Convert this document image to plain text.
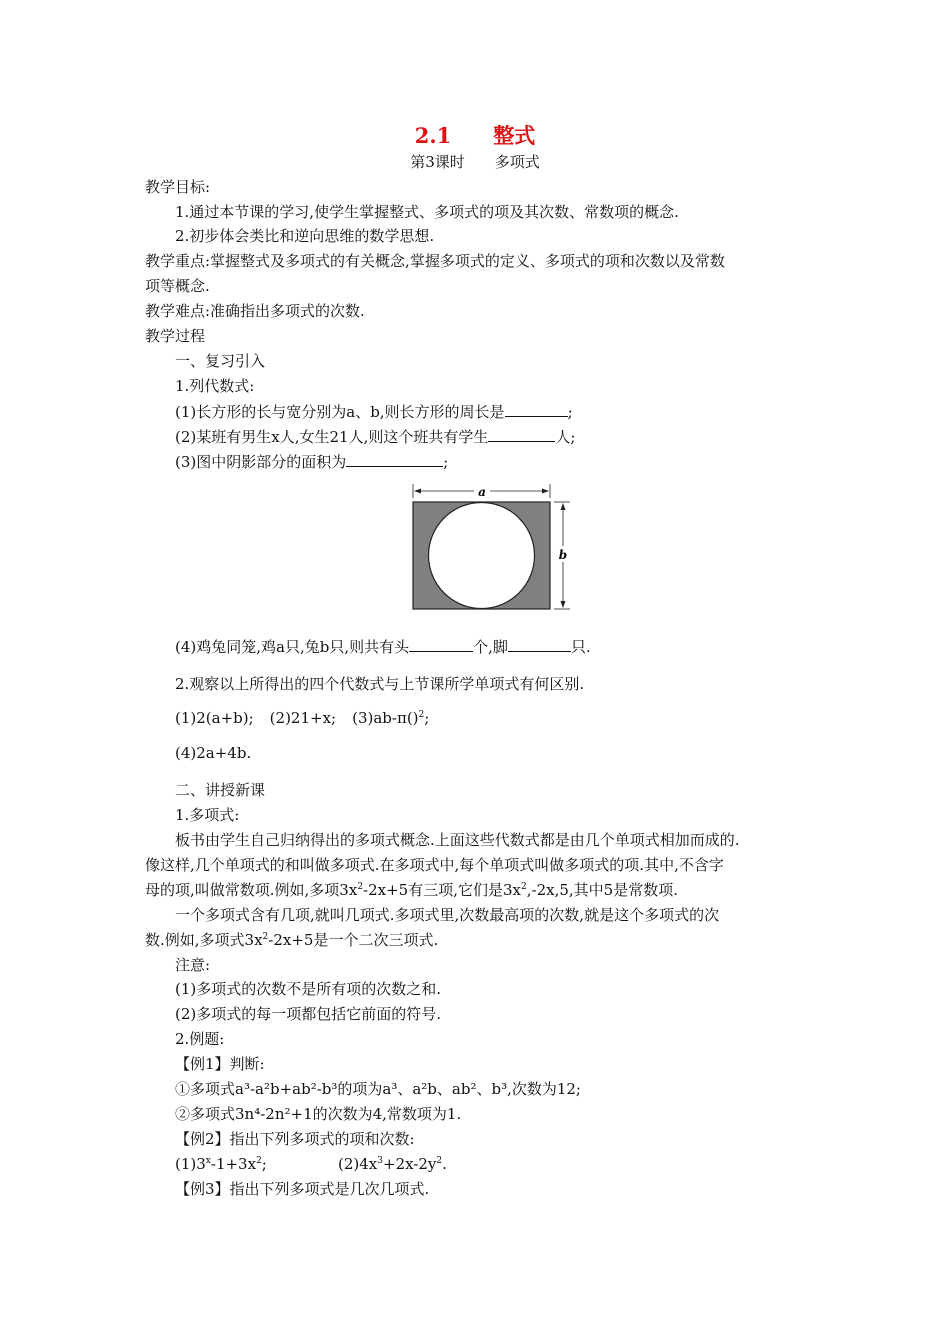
2.1 整式
第3课时 多项式
教学目标:
1.通过本节课的学习,使学生掌握整式、多项式的项及其次数、常数项的概念.
2.初步体会类比和逆向思维的数学思想.
教学重点:掌握整式及多项式的有关概念,掌握多项式的定义、多项式的项和次数以及常数
项等概念.
教学难点:准确指出多项式的次数.
教学过程
一、复习引入
1.列代数式:
(1)长方形的长与宽分别为a、b,则长方形的周长是	;
(2)某班有男生x人,女生21人,则这个班共有学生	人;
(3)图中阴影部分的面积为	;
a
b
(4)鸡兔同笼,鸡a只,兔b只,则共有头	个,脚	只.
2.观察以上所得出的四个代数式与上节课所学单项式有何区别.
(1)2(a+b); (2)21+x; (3)ab-π()$^2$;
(4)2a+4b.
二、讲授新课
1.多项式:
板书由学生自己归纳得出的多项式概念.上面这些代数式都是由几个单项式相加而成的.
像这样,几个单项式的和叫做多项式.在多项式中,每个单项式叫做多项式的项.其中,不含字
母的项,叫做常数项.例如,多项$3x^2-2x+5$有三项,它们是$3x^2,-2x,5$,其中5是常数项.
一个多项式含有几项,就叫几项式.多项式里,次数最高项的次数,就是这个多项式的次
数.例如,多项式$3x^2-2x+5$是一个二次三项式.
注意:
(1)多项式的次数不是所有项的次数之和.
(2)多项式的每一项都包括它前面的符号.
2.例题:
【例1】判断:
①多项式a³-a²b+ab²-b³的项为a³、a²b、ab²、b³,次数为12;
②多项式3n⁴-2n²+1的次数为4,常数项为1.
【例2】指出下列多项式的项和次数:
$(1)3^x-1+3x^2$;	$(2)4x^3+2x-2y^2$.
【例3】指出下列多项式是几次几项式.
